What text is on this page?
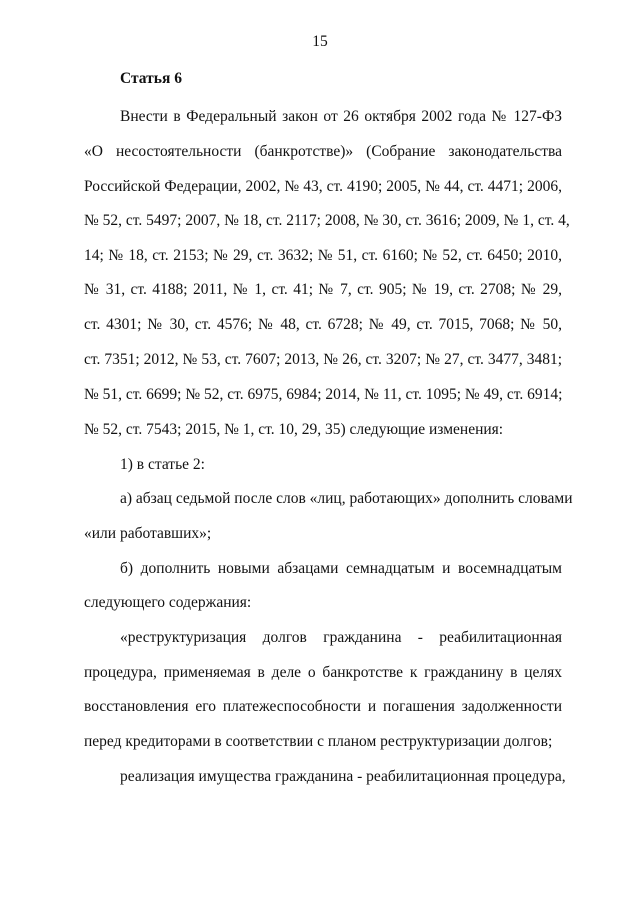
15
Статья 6
Внести в Федеральный закон от 26 октября 2002 года № 127-ФЗ
«О несостоятельности (банкротстве)» (Собрание законодательства
Российской Федерации, 2002, № 43, ст. 4190; 2005, № 44, ст. 4471; 2006,
№ 52, ст. 5497; 2007, № 18, ст. 2117; 2008, № 30, ст. 3616; 2009, № 1, ст. 4,
14; № 18, ст. 2153; № 29, ст. 3632; № 51, ст. 6160; № 52, ст. 6450; 2010,
№ 31, ст. 4188; 2011, № 1, ст. 41; № 7, ст. 905; № 19, ст. 2708; № 29,
ст. 4301; № 30, ст. 4576; № 48, ст. 6728; № 49, ст. 7015, 7068; № 50,
ст. 7351; 2012, № 53, ст. 7607; 2013, № 26, ст. 3207; № 27, ст. 3477, 3481;
№ 51, ст. 6699; № 52, ст. 6975, 6984; 2014, № 11, ст. 1095; № 49, ст. 6914;
№ 52, ст. 7543; 2015, № 1, ст. 10, 29, 35) следующие изменения:
1) в статье 2:
а) абзац седьмой после слов «лиц, работающих» дополнить словами
«или работавших»;
б) дополнить новыми абзацами семнадцатым и восемнадцатым
следующего содержания:
«реструктуризация долгов гражданина - реабилитационная
процедура, применяемая в деле о банкротстве к гражданину в целях
восстановления его платежеспособности и погашения задолженности
перед кредиторами в соответствии с планом реструктуризации долгов;
реализация имущества гражданина - реабилитационная процедура,
